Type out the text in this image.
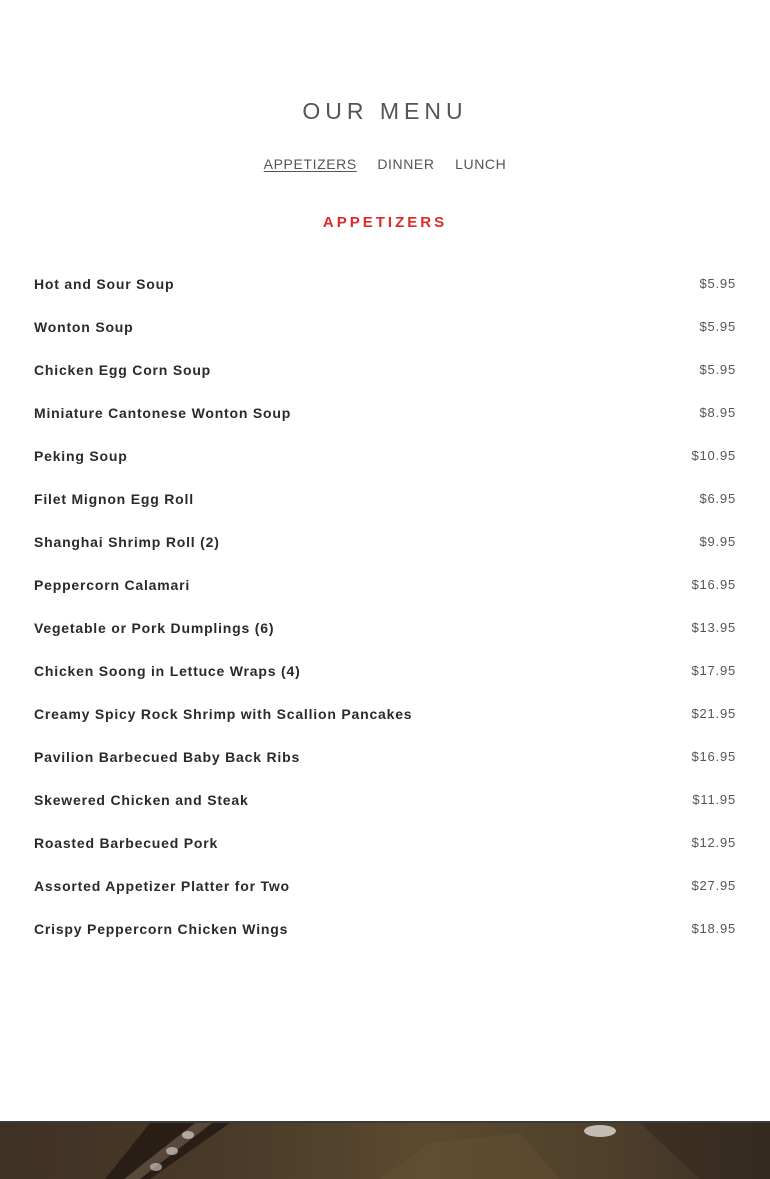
OUR MENU
APPETIZERS DINNER LUNCH
APPETIZERS
Hot and Sour Soup	$5.95
Wonton Soup	$5.95
Chicken Egg Corn Soup	$5.95
Miniature Cantonese Wonton Soup	$8.95
Peking Soup	$10.95
Filet Mignon Egg Roll	$6.95
Shanghai Shrimp Roll (2)	$9.95
Peppercorn Calamari	$16.95
Vegetable or Pork Dumplings (6)	$13.95
Chicken Soong in Lettuce Wraps (4)	$17.95
Creamy Spicy Rock Shrimp with Scallion Pancakes	$21.95
Pavilion Barbecued Baby Back Ribs	$16.95
Skewered Chicken and Steak	$11.95
Roasted Barbecued Pork	$12.95
Assorted Appetizer Platter for Two	$27.95
Crispy Peppercorn Chicken Wings	$18.95
